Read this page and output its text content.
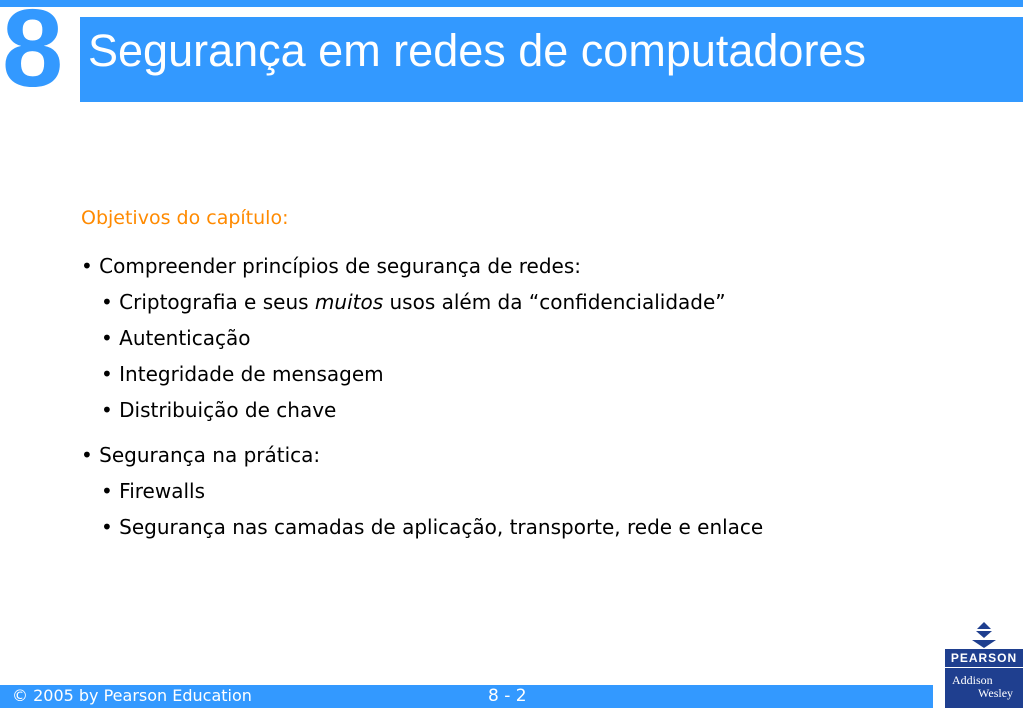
8 Segurança em redes de computadores

Objetivos do capítulo:

• Compreender princípios de segurança de redes:

• Criptografia e seus muitos usos além da “confidencialidade”

• Autenticação

• Integridade de mensagem

• Distribuição de chave

• Segurança na prática:

• Firewalls

• Segurança nas camadas de aplicação, transporte, rede e enlace

© 2005 by Pearson Education	8 - 2
PEARSON
Addison
Wesley
